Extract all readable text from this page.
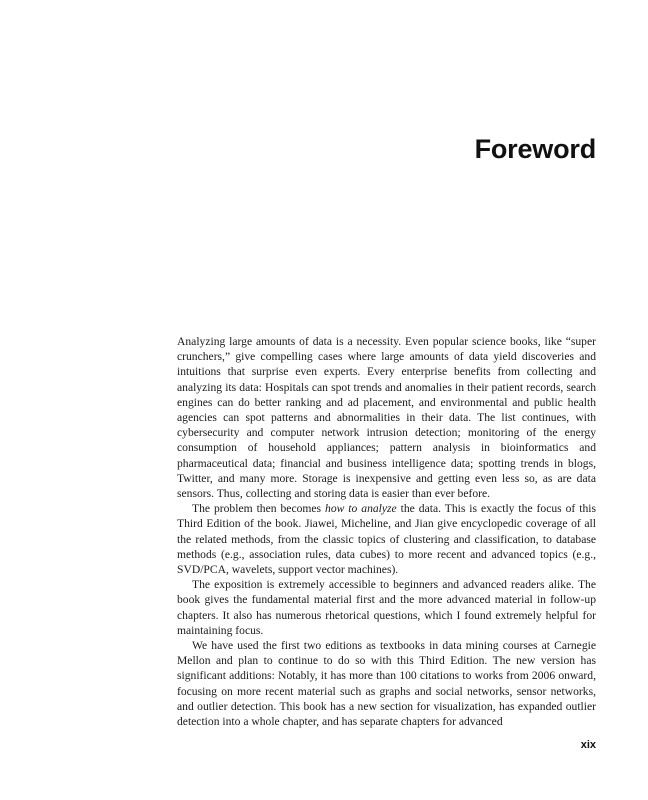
Foreword

Analyzing large amounts of data is a necessity. Even popular science books, like “super crunchers,” give compelling cases where large amounts of data yield discoveries and intuitions that surprise even experts. Every enterprise benefits from collecting and analyzing its data: Hospitals can spot trends and anomalies in their patient records, search engines can do better ranking and ad placement, and environmental and public health agencies can spot patterns and abnormalities in their data. The list continues, with cybersecurity and computer network intrusion detection; monitoring of the energy consumption of household appliances; pattern analysis in bioinformatics and pharmaceutical data; financial and business intelligence data; spotting trends in blogs, Twitter, and many more. Storage is inexpensive and getting even less so, as are data sensors. Thus, collecting and storing data is easier than ever before.

The problem then becomes how to analyze the data. This is exactly the focus of this Third Edition of the book. Jiawei, Micheline, and Jian give encyclopedic coverage of all the related methods, from the classic topics of clustering and classification, to database methods (e.g., association rules, data cubes) to more recent and advanced topics (e.g., SVD/PCA, wavelets, support vector machines).

The exposition is extremely accessible to beginners and advanced readers alike. The book gives the fundamental material first and the more advanced material in follow-up chapters. It also has numerous rhetorical questions, which I found extremely helpful for maintaining focus.

We have used the first two editions as textbooks in data mining courses at Carnegie Mellon and plan to continue to do so with this Third Edition. The new version has significant additions: Notably, it has more than 100 citations to works from 2006 onward, focusing on more recent material such as graphs and social networks, sensor networks, and outlier detection. This book has a new section for visualization, has expanded outlier detection into a whole chapter, and has separate chapters for advanced

xix
